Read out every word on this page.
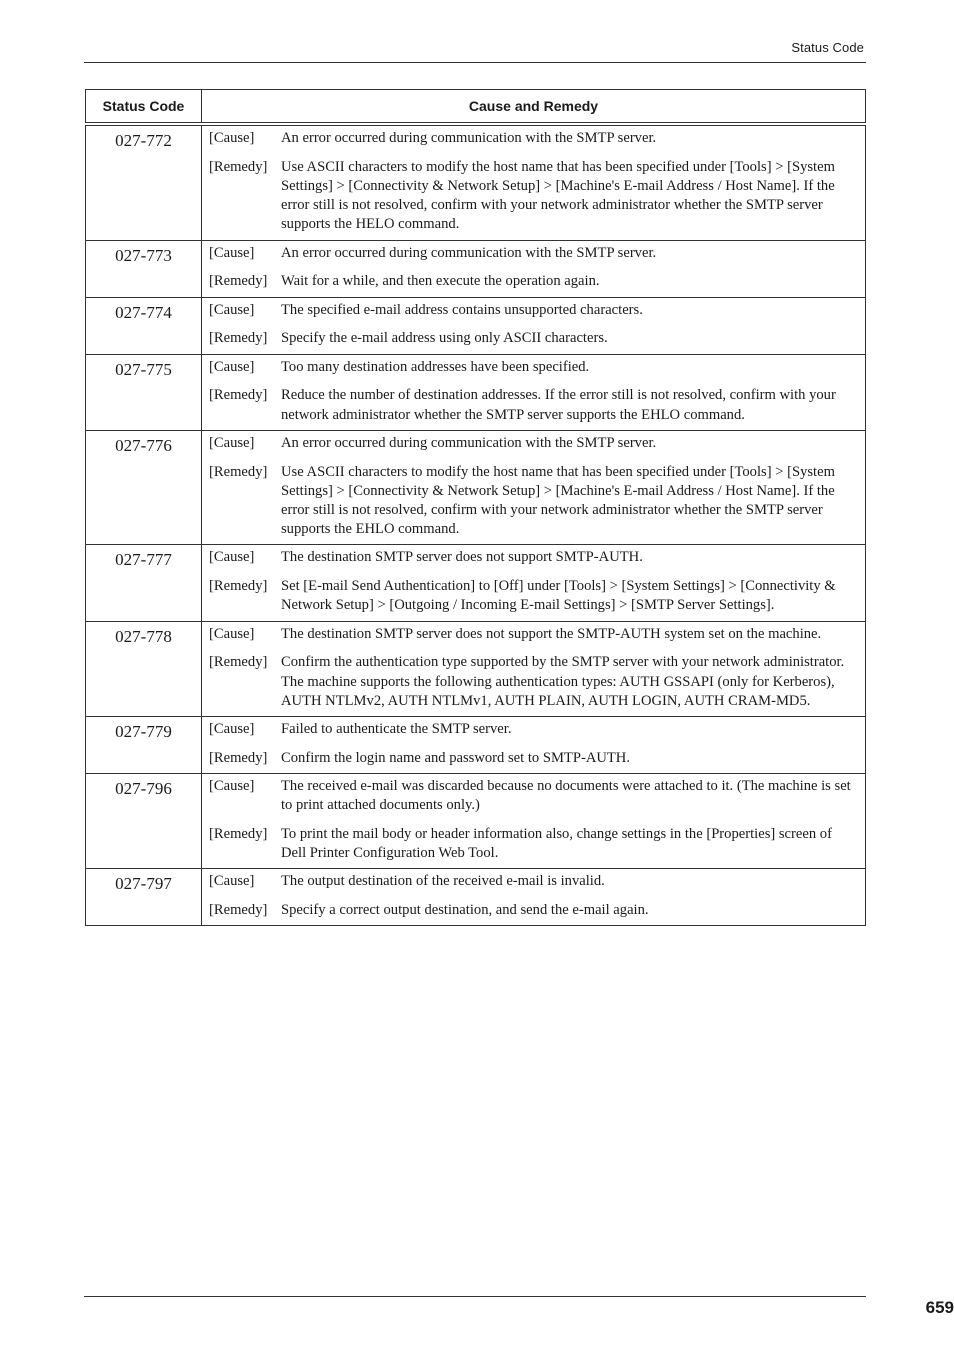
Status Code
Status Code	Cause and Remedy

027-772	[Cause] An error occurred during communication with the SMTP server.
[Remedy] Use ASCII characters to modify the host name that has been specified under [Tools] > [System Settings] > [Connectivity & Network Setup] > [Machine's E-mail Address / Host Name]. If the error still is not resolved, confirm with your network administrator whether the SMTP server supports the HELO command.

027-773	[Cause] An error occurred during communication with the SMTP server.
[Remedy] Wait for a while, and then execute the operation again.

027-774	[Cause] The specified e-mail address contains unsupported characters.
[Remedy] Specify the e-mail address using only ASCII characters.

027-775	[Cause] Too many destination addresses have been specified.
[Remedy] Reduce the number of destination addresses. If the error still is not resolved, confirm with your network administrator whether the SMTP server supports the EHLO command.

027-776	[Cause] An error occurred during communication with the SMTP server.
[Remedy] Use ASCII characters to modify the host name that has been specified under [Tools] > [System Settings] > [Connectivity & Network Setup] > [Machine's E-mail Address / Host Name]. If the error still is not resolved, confirm with your network administrator whether the SMTP server supports the EHLO command.

027-777	[Cause] The destination SMTP server does not support SMTP-AUTH.
[Remedy] Set [E-mail Send Authentication] to [Off] under [Tools] > [System Settings] > [Connectivity & Network Setup] > [Outgoing / Incoming E-mail Settings] > [SMTP Server Settings].

027-778	[Cause] The destination SMTP server does not support the SMTP-AUTH system set on the machine.
[Remedy] Confirm the authentication type supported by the SMTP server with your network administrator. The machine supports the following authentication types: AUTH GSSAPI (only for Kerberos), AUTH NTLMv2, AUTH NTLMv1, AUTH PLAIN, AUTH LOGIN, AUTH CRAM-MD5.

027-779	[Cause] Failed to authenticate the SMTP server.
[Remedy] Confirm the login name and password set to SMTP-AUTH.

027-796	[Cause] The received e-mail was discarded because no documents were attached to it. (The machine is set to print attached documents only.)
[Remedy] To print the mail body or header information also, change settings in the [Properties] screen of Dell Printer Configuration Web Tool.

027-797	[Cause] The output destination of the received e-mail is invalid.
[Remedy] Specify a correct output destination, and send the e-mail again.
659
